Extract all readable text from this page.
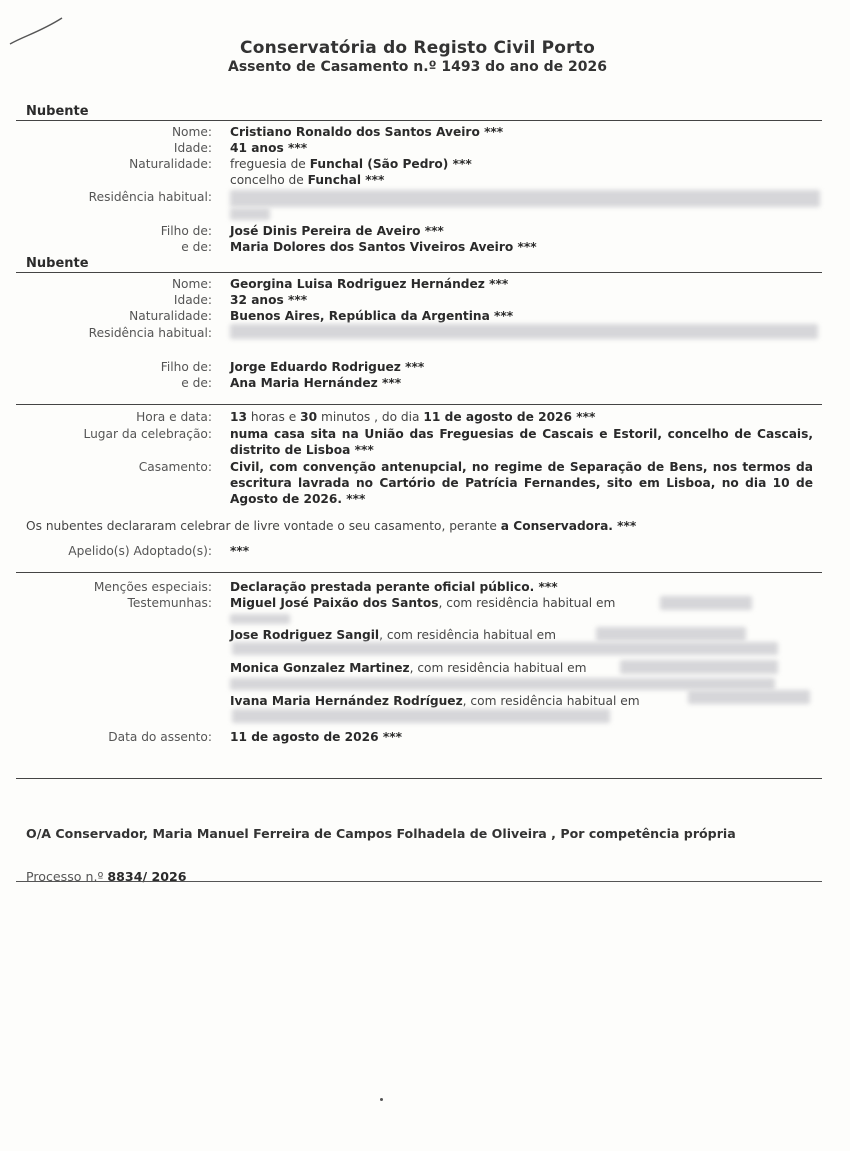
Conservatória do Registo Civil Porto
Assento de Casamento n.º 1493 do ano de 2026
Nubente
Nome: Cristiano Ronaldo dos Santos Aveiro ***
Idade: 41 anos ***
Naturalidade: freguesia de Funchal (São Pedro) ***
concelho de Funchal ***
Residência habitual:
Filho de: José Dinis Pereira de Aveiro ***
e de: Maria Dolores dos Santos Viveiros Aveiro ***
Nubente
Nome: Georgina Luisa Rodriguez Hernández ***
Idade: 32 anos ***
Naturalidade: Buenos Aires, República da Argentina ***
Residência habitual:
Filho de: Jorge Eduardo Rodriguez ***
e de: Ana Maria Hernández ***
Hora e data: 13 horas e 30 minutos , do dia 11 de agosto de 2026 ***
Lugar da celebração: numa casa sita na União das Freguesias de Cascais e Estoril, concelho de Cascais, distrito de Lisboa ***
Casamento: Civil, com convenção antenupcial, no regime de Separação de Bens, nos termos da escritura lavrada no Cartório de Patrícia Fernandes, sito em Lisboa, no dia 10 de Agosto de 2026. ***
Os nubentes declararam celebrar de livre vontade o seu casamento, perante a Conservadora. ***
Apelido(s) Adoptado(s): ***
Menções especiais: Declaração prestada perante oficial público. ***
Testemunhas: Miguel José Paixão dos Santos, com residência habitual em
Jose Rodriguez Sangil, com residência habitual em
Monica Gonzalez Martinez, com residência habitual em
Ivana Maria Hernández Rodríguez, com residência habitual em
Data do assento: 11 de agosto de 2026 ***
O/A Conservador, Maria Manuel Ferreira de Campos Folhadela de Oliveira , Por competência própria
Processo n.º 8834/ 2026
